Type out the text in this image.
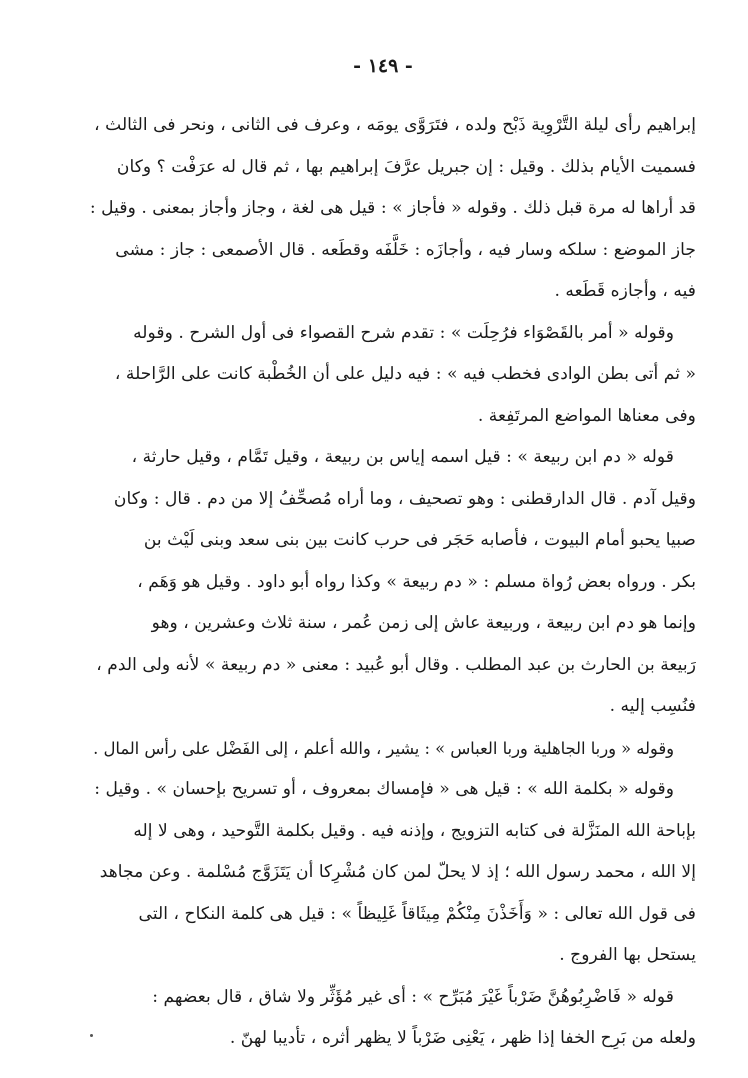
- ١٤٩ -
إبراهيم رأى ليلة التَّرْوِية ذَبْح ولده ، فتَرَوَّى يومَه ، وعرف فى الثانى ، ونحر فى الثالث ،
فسميت الأيام بذلك . وقيل : إن جبريل عرَّفَ إبراهيم بها ، ثم قال له عرَفْت ؟ وكان
قد أراها له مرة قبل ذلك . وقوله « فأجاز » : قيل هى لغة ، وجاز وأجاز بمعنى . وقيل :
جاز الموضع : سلكه وسار فيه ، وأجازَه : خَلَّفَه وقطَعه . قال الأصمعى : جاز : مشى
فيه ، وأجازه قَطَعه .
وقوله « أمر بالقَصْوَاء فرُحِلَت » : تقدم شرح القصواء فى أول الشرح . وقوله
« ثم أتى بطن الوادى فخطب فيه » : فيه دليل على أن الخُطْبة كانت على الرَّاحلة ،
وفى معناها المواضع المرتَفِعة .
قوله « دم ابن ربيعة » : قيل اسمه إياس بن ربيعة ، وقيل تَمَّام ، وقيل حارثة ،
وقيل آدم . قال الدارقطنى : وهو تصحيف ، وما أراه مُصحِّفُ إلا من دم . قال : وكان
صبيا يحبو أمام البيوت ، فأصابه حَجَر فى حرب كانت بين بنى سعد وبنى لَيْث بن
بكر . ورواه بعض رُواة مسلم : « دم ربيعة » وكذا رواه أبو داود . وقيل هو وَهَم ،
وإنما هو دم ابن ربيعة ، وربيعة عاش إلى زمن عُمر ، سنة ثلاث وعشرين ، وهو
رَبيعة بن الحارث بن عبد المطلب . وقال أبو عُبيد : معنى « دم ربيعة » لأنه ولى الدم ،
فنُسِب إليه .
وقوله « وربا الجاهلية وربا العباس » : يشير ، والله أعلم ، إلى الفَضْل على رأس المال .
وقوله « بكلمة الله » : قيل هى « فإمساك بمعروف ، أو تسريح بإحسان » . وقيل :
بإباحة الله المنَزَّلة فى كتابه التزويج ، وإذنه فيه . وقيل بكلمة التَّوحيد ، وهى لا إله
إلا الله ، محمد رسول الله ؛ إذ لا يحلّ لمن كان مُشْرِكا أن يَتَزَوَّج مُسْلمة . وعن مجاهد
فى قول الله تعالى : « وَأَخَذْنَ مِنْكُمْ مِيثَاقاً غَلِيظاً » : قيل هى كلمة النكاح ، التى
يستحل بها الفروج .
قوله « فَاضْرِبُوهُنَّ ضَرْباً غَيْرَ مُبَرِّح » : أى غير مُؤَثِّر ولا شاق ، قال بعضهم :
ولعله من بَرِح الخفا إذا ظهر ، يَعْنِى ضَرْباً لا يظهر أثره ، تأديبا لهنّ .
